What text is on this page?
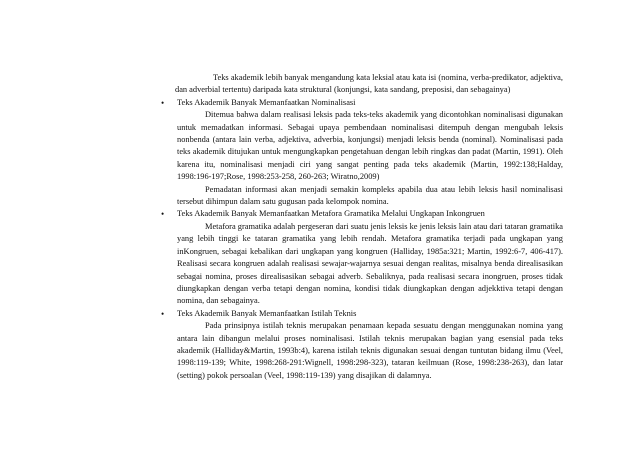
Teks akademik lebih banyak mengandung kata leksial atau kata isi (nomina, verba-predikator, adjektiva, dan adverbial tertentu) daripada kata struktural (konjungsi, kata sandang, preposisi, dan sebagainya)

• Teks Akademik Banyak Memanfaatkan Nominalisasi

Ditemua bahwa dalam realisasi leksis pada teks-teks akademik yang dicontohkan nominalisasi digunakan untuk memadatkan informasi. Sebagai upaya pembendaan nominalisasi ditempuh dengan mengubah leksis nonbenda (antara lain verba, adjektiva, adverbia, konjungsi) menjadi leksis benda (nominal). Nominalisasi pada teks akademik ditujukan untuk mengungkapkan pengetahuan dengan lebih ringkas dan padat (Martin, 1991). Oleh karena itu, nominalisasi menjadi ciri yang sangat penting pada teks akademik (Martin, 1992:138;Halday, 1998:196-197;Rose, 1998:253-258, 260-263; Wiratno,2009)

Pemadatan informasi akan menjadi semakin kompleks apabila dua atau lebih leksis hasil nominalisasi tersebut dihimpun dalam satu gugusan pada kelompok nomina.

• Teks Akademik Banyak Memanfaatkan Metafora Gramatika Melalui Ungkapan Inkongruen

Metafora gramatika adalah pergeseran dari suatu jenis leksis ke jenis leksis lain atau dari tataran gramatika yang lebih tinggi ke tataran gramatika yang lebih rendah. Metafora gramatika terjadi pada ungkapan yang inKongruen, sebagai kebalikan dari ungkapan yang kongruen (Halliday, 1985a:321; Martin, 1992:6-7, 406-417). Realisasi secara kongruen adalah realisasi sewajar-wajarnya sesuai dengan realitas, misalnya benda direalisasikan sebagai nomina, proses direalisasikan sebagai adverb. Sebaliknya, pada realisasi secara inongruen, proses tidak diungkapkan dengan verba tetapi dengan nomina, kondisi tidak diungkapkan dengan adjekktiva tetapi dengan nomina, dan sebagainya.

• Teks Akademik Banyak Memanfaatkan Istilah Teknis

Pada prinsipnya istilah teknis merupakan penamaan kepada sesuatu dengan menggunakan nomina yang antara lain dibangun melalui proses nominalisasi. Istilah teknis merupakan bagian yang esensial pada teks akademik (Halliday&Martin, 1993b:4), karena istilah teknis digunakan sesuai dengan tuntutan bidang ilmu (Veel, 1998:119-139; White, 1998:268-291:Wignell, 1998:298-323), tataran keilmuan (Rose, 1998:238-263), dan latar (setting) pokok persoalan (Veel, 1998:119-139) yang disajikan di dalamnya.
